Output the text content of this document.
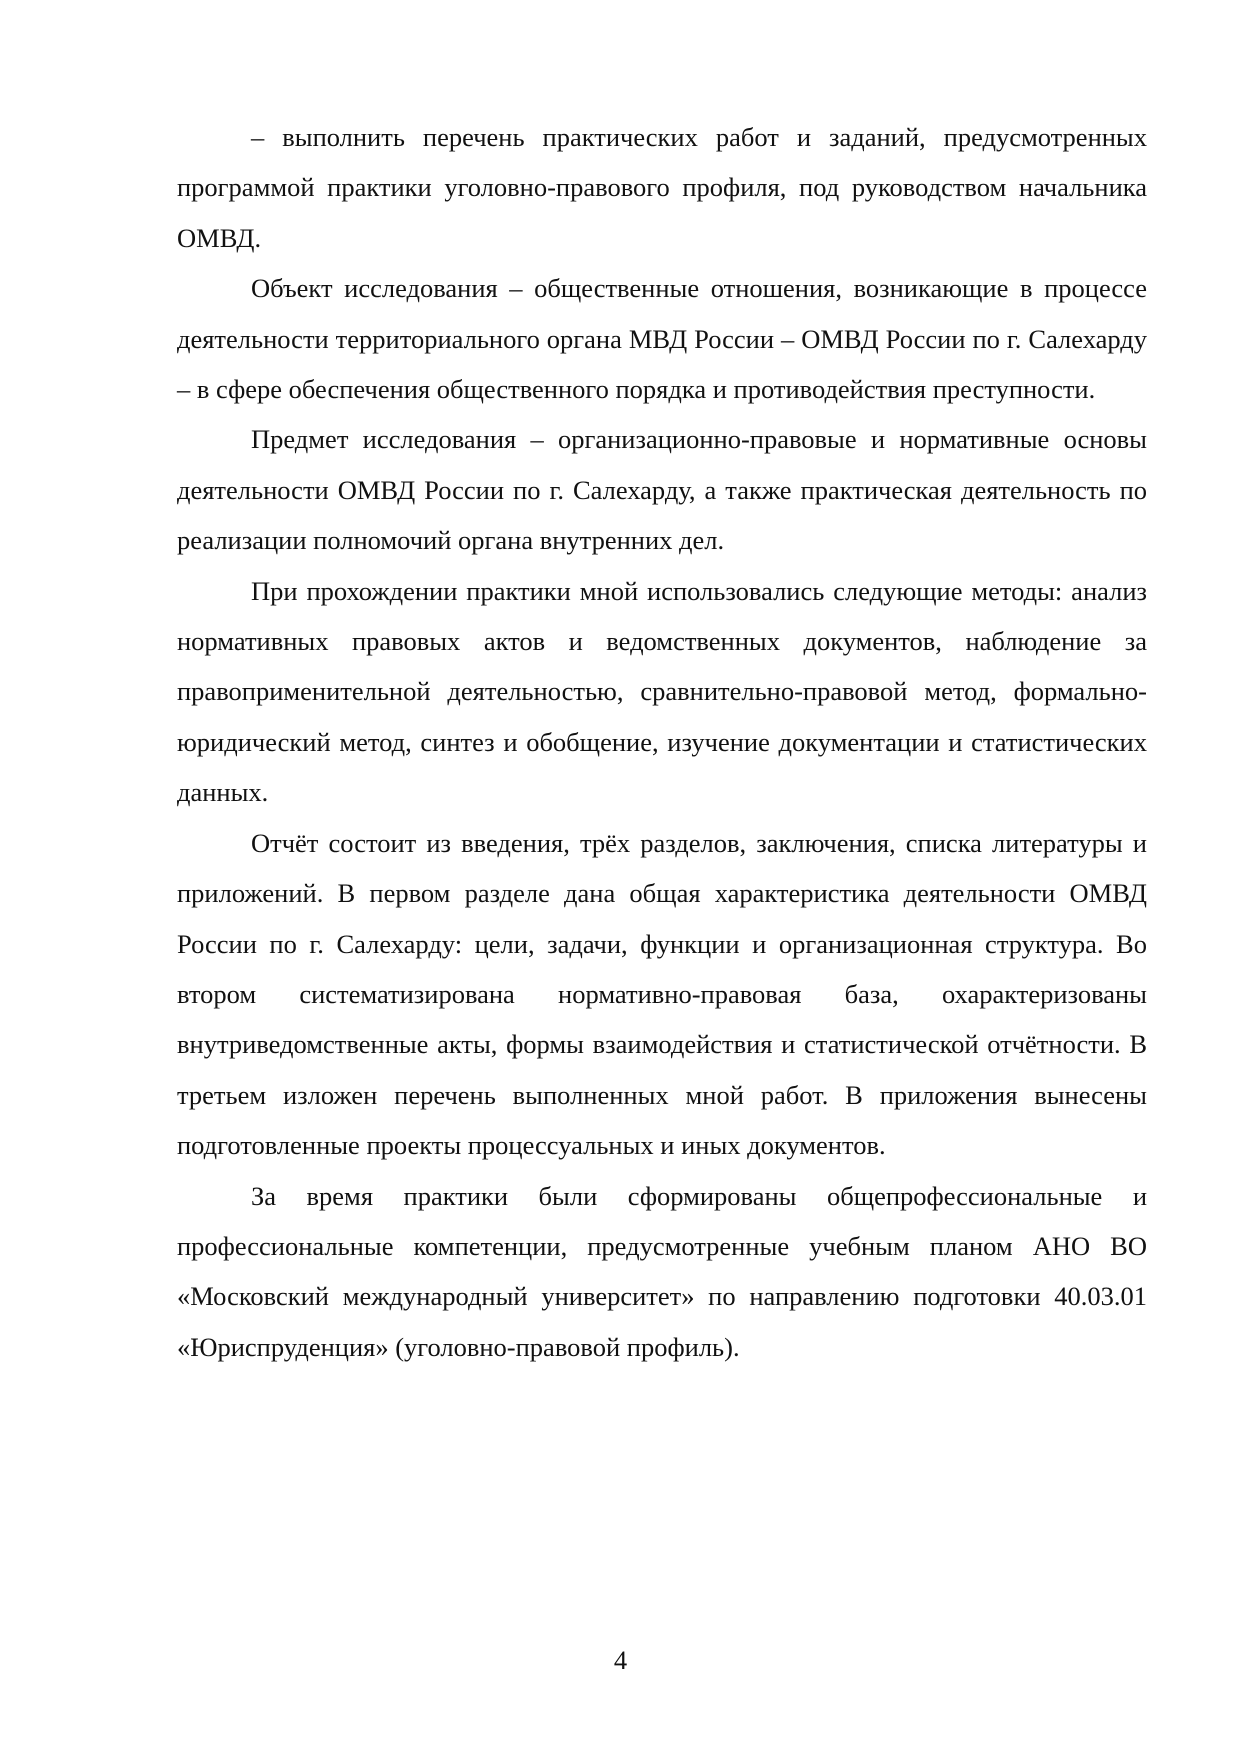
– выполнить перечень практических работ и заданий, предусмотренных программой практики уголовно-правового профиля, под руководством начальника ОМВД.

Объект исследования – общественные отношения, возникающие в процессе деятельности территориального органа МВД России – ОМВД России по г. Салехарду – в сфере обеспечения общественного порядка и противодействия преступности.

Предмет исследования – организационно-правовые и нормативные основы деятельности ОМВД России по г. Салехарду, а также практическая деятельность по реализации полномочий органа внутренних дел.

При прохождении практики мной использовались следующие методы: анализ нормативных правовых актов и ведомственных документов, наблюдение за правоприменительной деятельностью, сравнительно-правовой метод, формально-юридический метод, синтез и обобщение, изучение документации и статистических данных.

Отчёт состоит из введения, трёх разделов, заключения, списка литературы и приложений. В первом разделе дана общая характеристика деятельности ОМВД России по г. Салехарду: цели, задачи, функции и организационная структура. Во втором систематизирована нормативно-правовая база, охарактеризованы внутриведомственные акты, формы взаимодействия и статистической отчётности. В третьем изложен перечень выполненных мной работ. В приложения вынесены подготовленные проекты процессуальных и иных документов.

За время практики были сформированы общепрофессиональные и профессиональные компетенции, предусмотренные учебным планом АНО ВО «Московский международный университет» по направлению подготовки 40.03.01 «Юриспруденция» (уголовно-правовой профиль).

4
